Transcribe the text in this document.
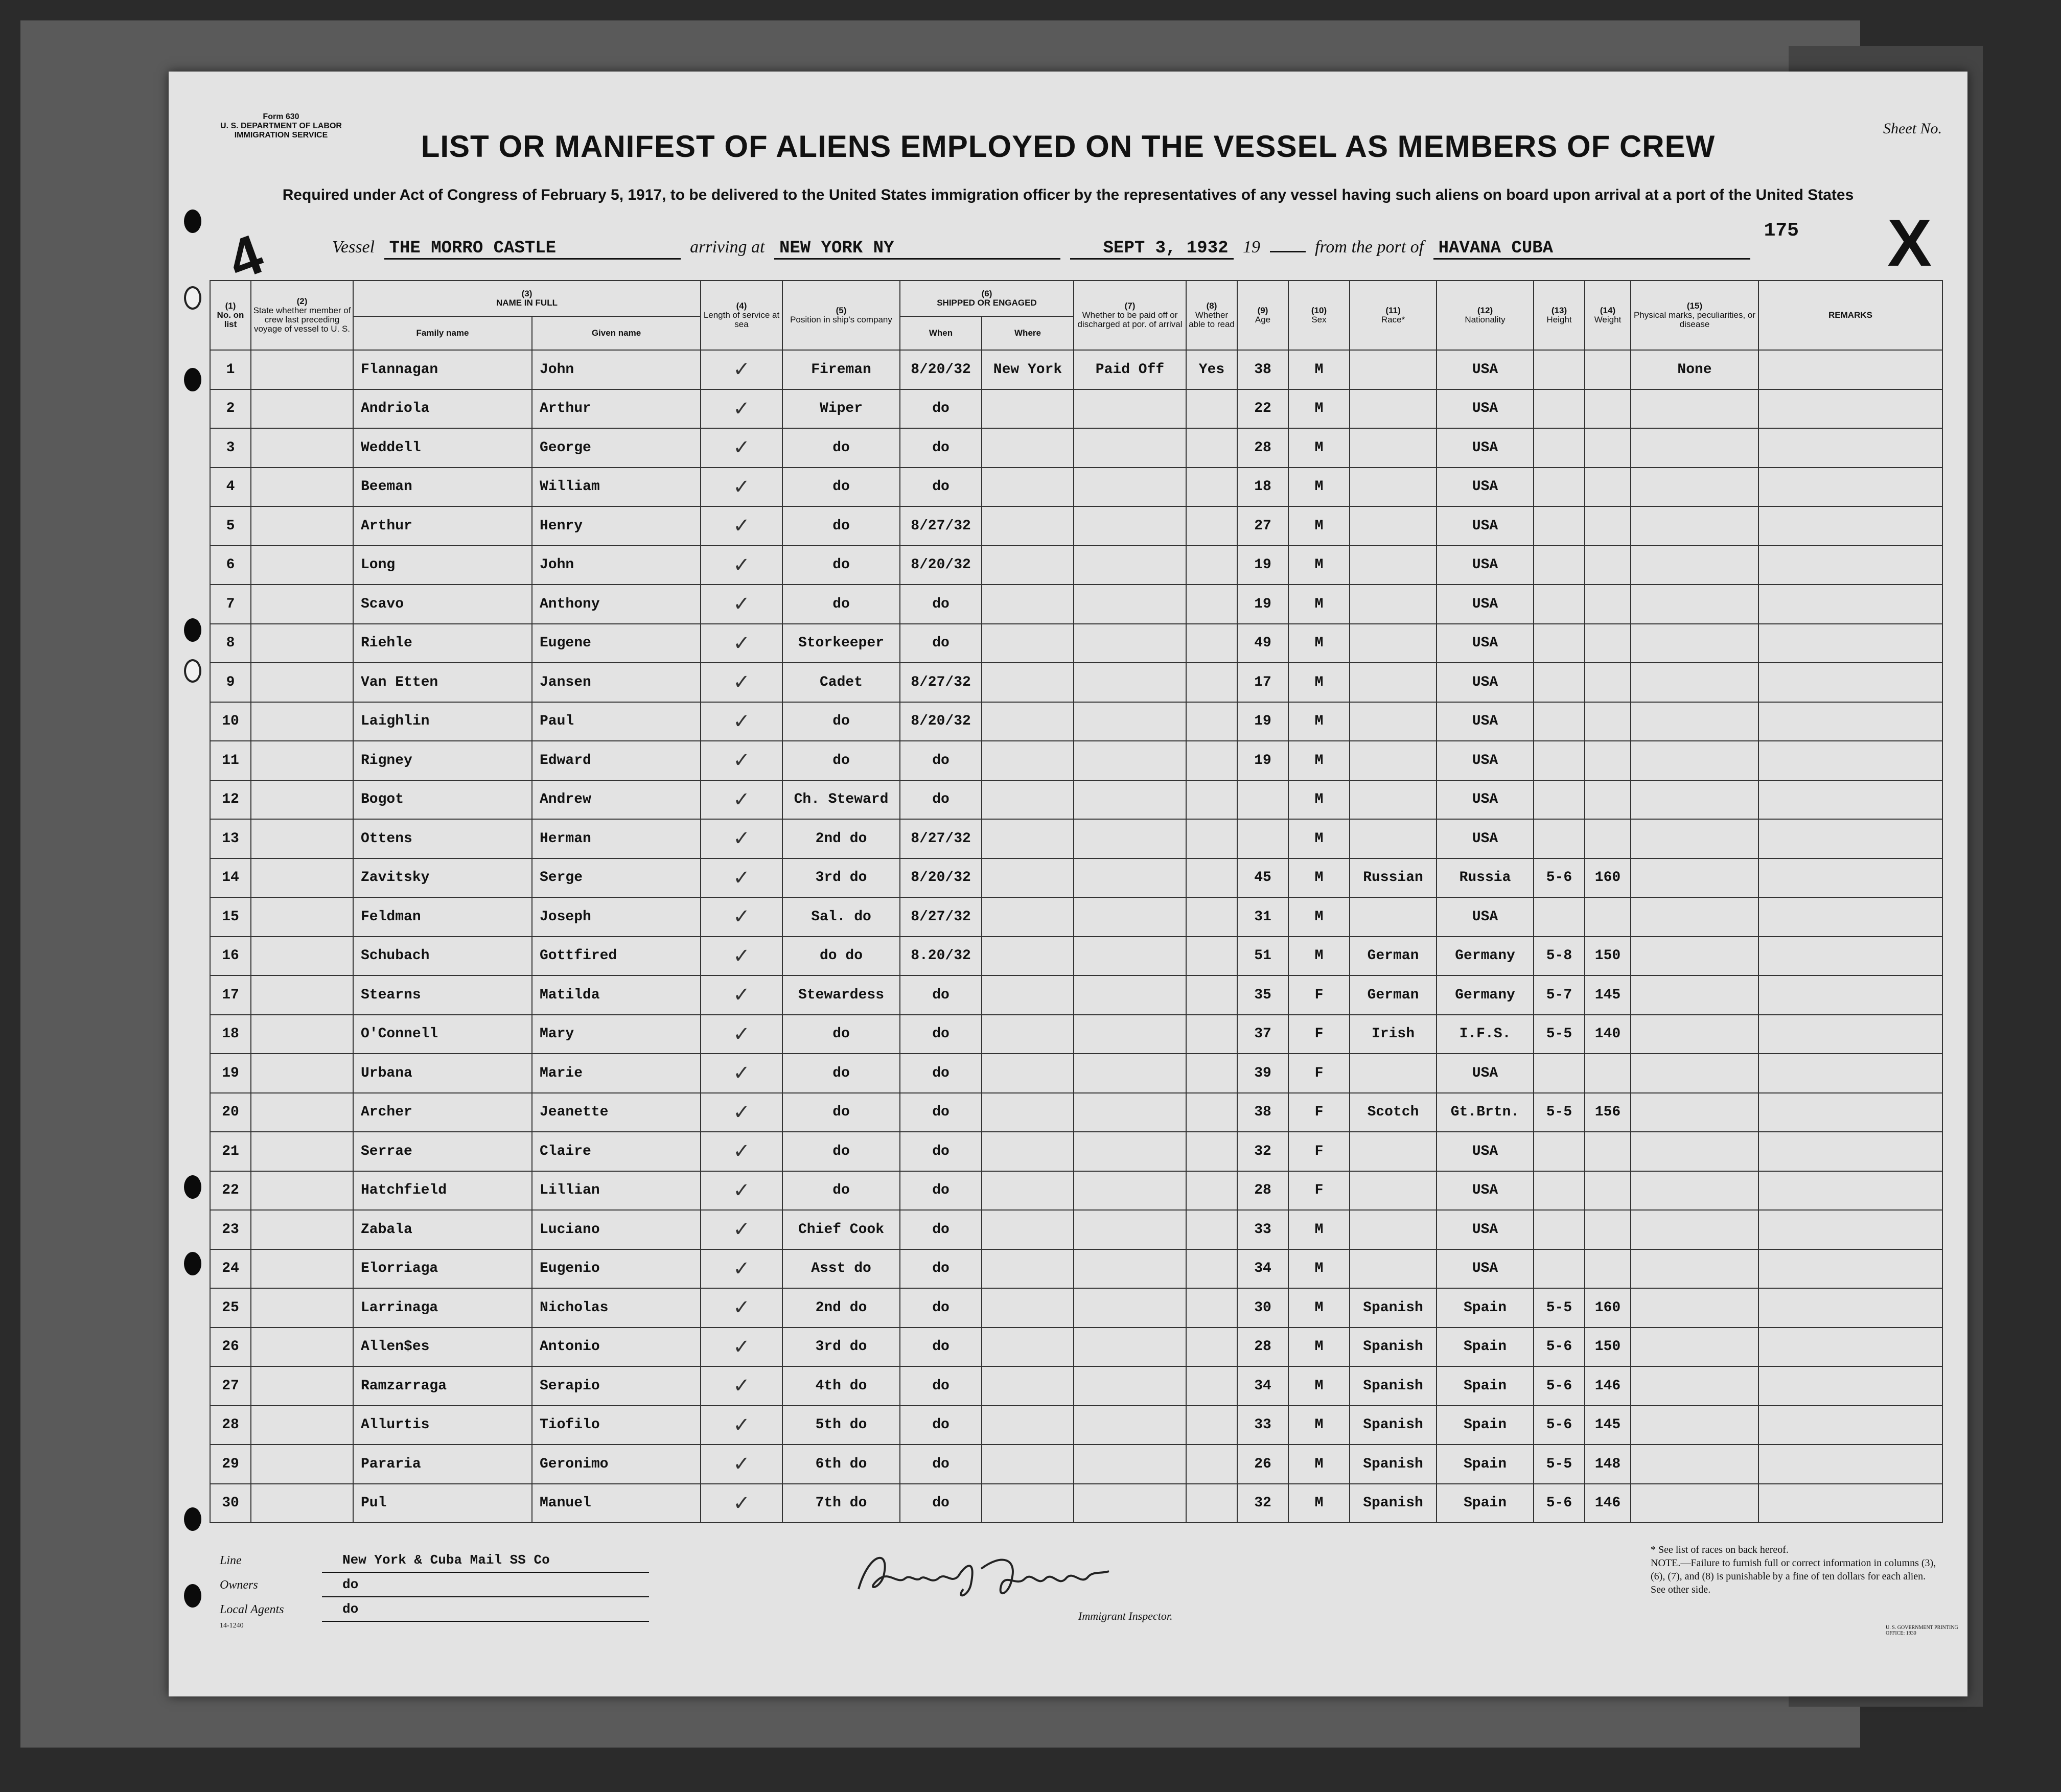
Form 630
U. S. DEPARTMENT OF LABOR
IMMIGRATION SERVICE	Sheet No.
LIST OR MANIFEST OF ALIENS EMPLOYED ON THE VESSEL AS MEMBERS OF CREW
Required under Act of Congress of February 5, 1917, to be delivered to the United States immigration officer by the representatives of any vessel having such aliens on board upon arrival at a port of the United States
175 X
4	Vessel THE MORRO CASTLE	arriving at NEW YORK NY	SEPT 3, 1932 19	from the port of HAVANA CUBA
(1)
No. on list	(2)
State whether member of crew last preceding voyage of vessel to U. S.	(3)
NAME IN FULL		(4)
Length of service at sea	(5)
Position in ship's company	(6)
SHIPPED OR ENGAGED		(7)
Whether to be paid off or discharged at por. of arrival	(8)
Whether able to read	(9)
Age	(10)
Sex	(11)
Race*	(12)
Nationality	(13)
Height	(14)
Weight	(15)
Physical marks, peculiarities, or disease	REMARKS
		Family name	Given name			When	Where										
1		Flannagan	John	✓	Fireman	8/20/32	New York	Paid Off	Yes	38	M		USA			None	
2		Andriola	Arthur	✓	Wiper	do				22	M		USA				
3		Weddell	George	✓	do	do				28	M		USA				
4		Beeman	William	✓	do	do				18	M		USA				
5		Arthur	Henry	✓	do	8/27/32				27	M		USA				
6		Long	John	✓	do	8/20/32				19	M		USA				
7		Scavo	Anthony	✓	do	do				19	M		USA				
8		Riehle	Eugene	✓	Storkeeper	do				49	M		USA				
9		Van Etten	Jansen	✓	Cadet	8/27/32				17	M		USA				
10		Laighlin	Paul	✓	do	8/20/32				19	M		USA				
11		Rigney	Edward	✓	do	do				19	M		USA				
12		Bogot	Andrew	✓	Ch. Steward	do					M		USA				
13		Ottens	Herman	✓	2nd do	8/27/32					M		USA				
14		Zavitsky	Serge	✓	3rd do	8/20/32				45	M	Russian	Russia	5-6	160		
15		Feldman	Joseph	✓	Sal. do	8/27/32				31	M		USA				
16		Schubach	Gottfired	✓	do do	8.20/32				51	M	German	Germany	5-8	150		
17		Stearns	Matilda	✓	Stewardess	do				35	F	German	Germany	5-7	145		
18		O'Connell	Mary	✓	do	do				37	F	Irish	I.F.S.	5-5	140		
19		Urbana	Marie	✓	do	do				39	F		USA				
20		Archer	Jeanette	✓	do	do				38	F	Scotch	Gt.Brtn.	5-5	156		
21		Serrae	Claire	✓	do	do				32	F		USA				
22		Hatchfield	Lillian	✓	do	do				28	F		USA				
23		Zabala	Luciano	✓	Chief Cook	do				33	M		USA				
24		Elorriaga	Eugenio	✓	Asst do	do				34	M		USA				
25		Larrinaga	Nicholas	✓	2nd do	do				30	M	Spanish	Spain	5-5	160		
26		Allen$es	Antonio	✓	3rd do	do				28	M	Spanish	Spain	5-6	150		
27		Ramzarraga	Serapio	✓	4th do	do				34	M	Spanish	Spain	5-6	146		
28		Allurtis	Tiofilo	✓	5th do	do				33	M	Spanish	Spain	5-6	145		
29		Pararia	Geronimo	✓	6th do	do				26	M	Spanish	Spain	5-5	148		
30		Pul	Manuel	✓	7th do	do				32	M	Spanish	Spain	5-6	146		
Line	New York & Cuba Mail SS Co
Owners	do
Local Agents	do
14-1240
Immigrant Inspector.
* See list of races on back hereof.
NOTE.—Failure to furnish full or correct information in columns (3), (6), (7), and (8) is punishable by a fine of ten dollars for each alien. See other side.
U. S. GOVERNMENT PRINTING OFFICE: 1930
